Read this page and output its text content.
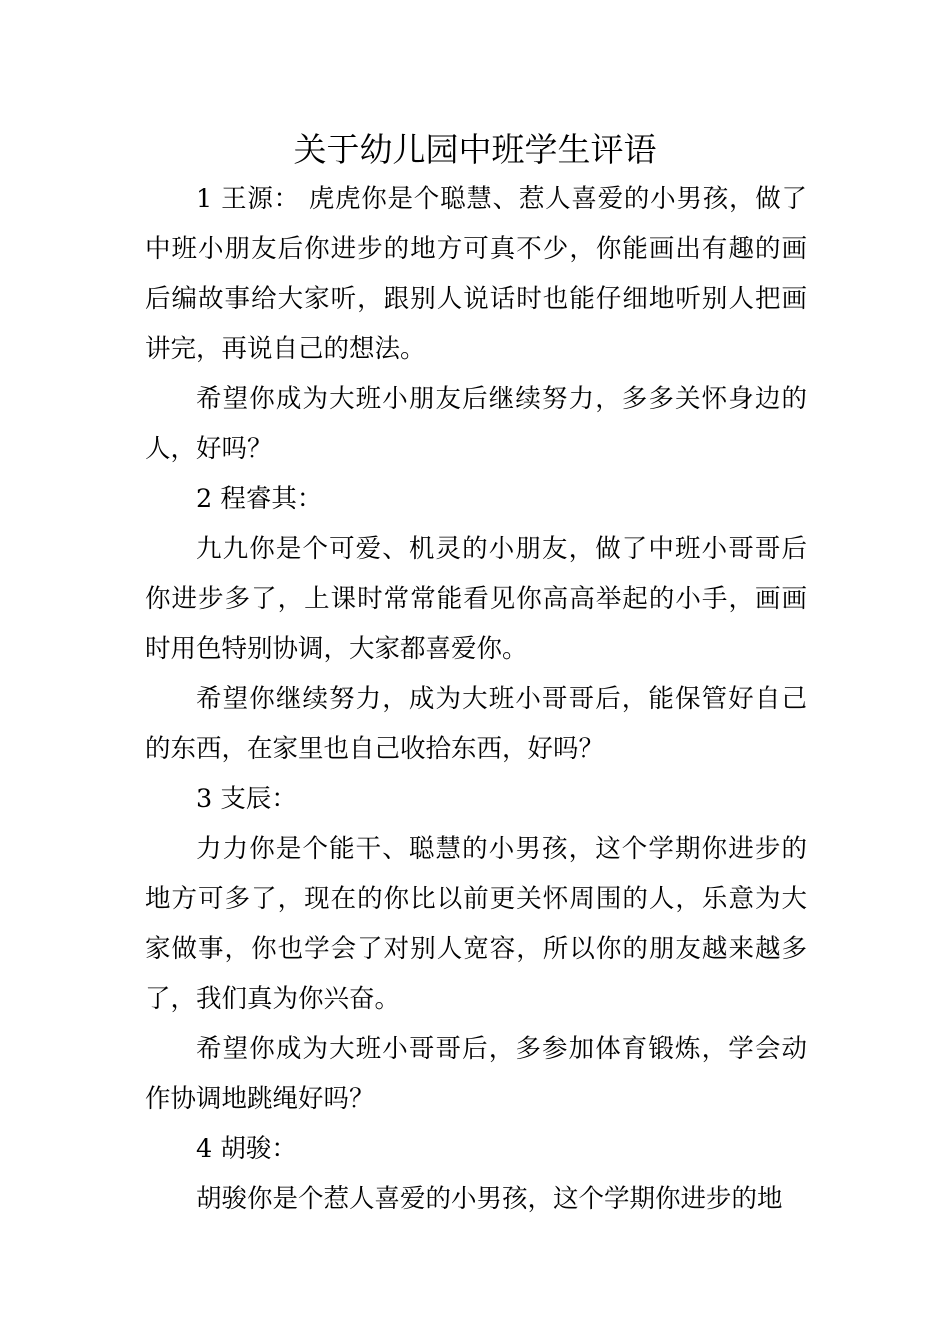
关于幼儿园中班学生评语

1 王源： 虎虎你是个聪慧、惹人喜爱的小男孩，做了中班小朋友后你进步的地方可真不少，你能画出有趣的画后编故事给大家听，跟别人说话时也能仔细地听别人把画讲完，再说自己的想法。

希望你成为大班小朋友后继续努力，多多关怀身边的人，好吗？

2 程睿其：

九九你是个可爱、机灵的小朋友，做了中班小哥哥后你进步多了，上课时常常能看见你高高举起的小手，画画时用色特别协调，大家都喜爱你。

希望你继续努力，成为大班小哥哥后，能保管好自己的东西，在家里也自己收拾东西，好吗？

3 支辰：

力力你是个能干、聪慧的小男孩，这个学期你进步的地方可多了，现在的你比以前更关怀周围的人，乐意为大家做事，你也学会了对别人宽容，所以你的朋友越来越多了，我们真为你兴奋。

希望你成为大班小哥哥后，多参加体育锻炼，学会动作协调地跳绳好吗？

4 胡骏：

胡骏你是个惹人喜爱的小男孩，这个学期你进步的地
